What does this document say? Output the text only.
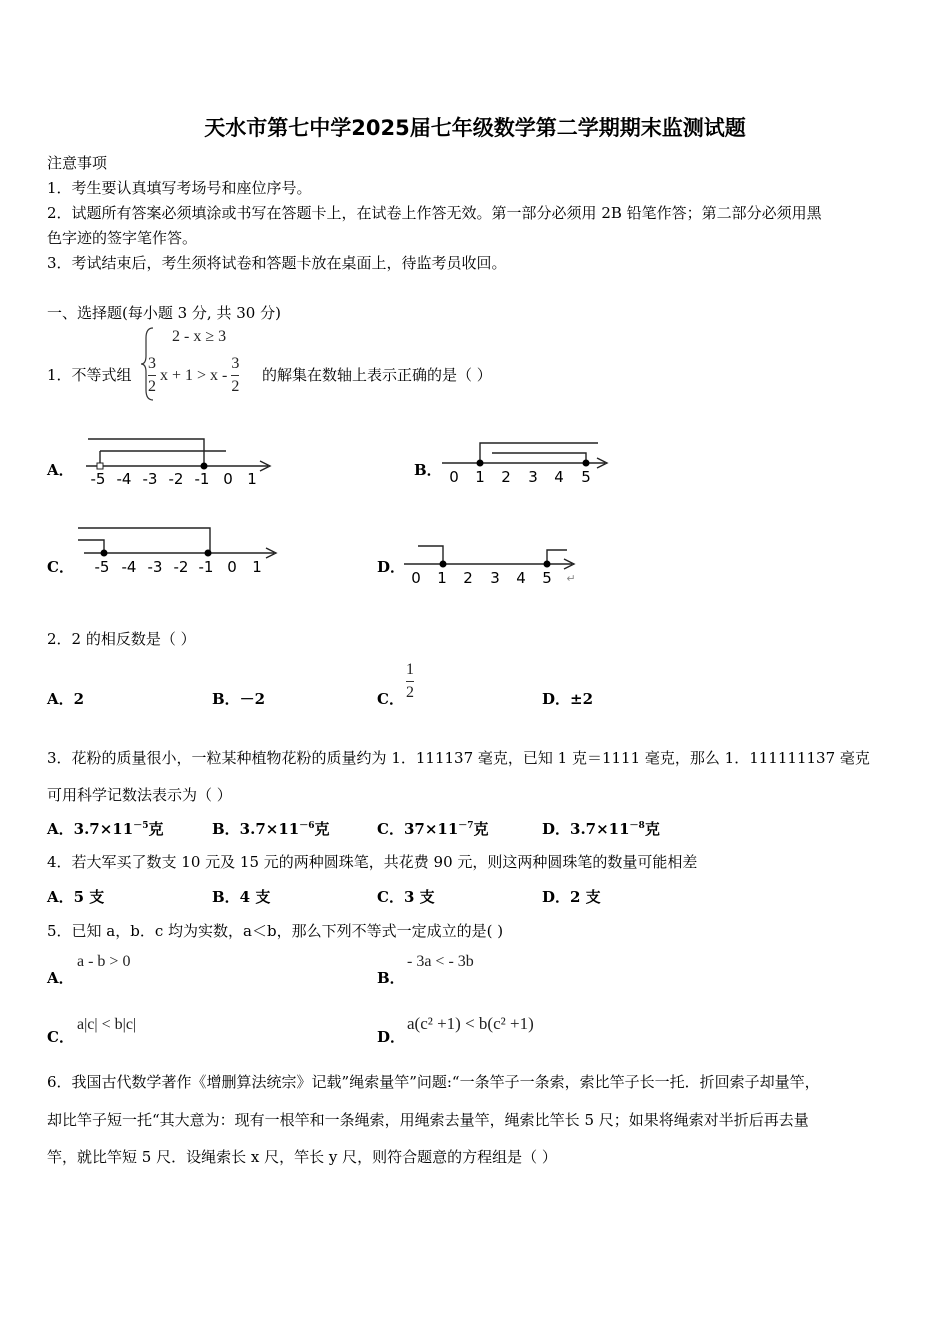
天水市第七中学2025届七年级数学第二学期期末监测试题
注意事项
1．考生要认真填写考场号和座位序号。
2．试题所有答案必须填涂或书写在答题卡上，在试卷上作答无效。第一部分必须用 2B 铅笔作答；第二部分必须用黑
色字迹的签字笔作答。
3．考试结束后，考生须将试卷和答题卡放在桌面上，待监考员收回。
一、选择题(每小题 3 分, 共 30 分)
1．不等式组
2 - x ≥ 3
$\frac{3}{2}$ $x + 1 > x - \frac{3}{2}$ 的解集在数轴上表示正确的是（ ）
A． -5 -4 -3 -2 -1 0 1	B． 0 1 2 3 4 5
C． -5 -4 -3 -2 -1 0 1	D．
0 1 2 3 4 5 ↵
2．2 的相反数是（ ）
A．2	B．－2	C． $\frac{1}{2}$	D．±2
3．花粉的质量很小，一粒某种植物花粉的质量约为 1．111137 毫克，已知 1 克＝1111 毫克，那么 1．111111137 毫克
可用科学记数法表示为（ ）
A．$3.7\times 11^{-5}$克	B．$3.7\times 11^{-6}$克	C．$37\times 11^{-7}$克	D．$3.7\times 11^{-8}$克
4．若大军买了数支 10 元及 15 元的两种圆珠笔，共花费 90 元，则这两种圆珠笔的数量可能相差
A．5 支	B．4 支	C．3 支	D．2 支
5．已知 a，b．c 均为实数，a＜b，那么下列不等式一定成立的是( )
A．
a - b > 0
B．
- 3a < - 3b
C．
a|c| < b|c|
D．
a(c² +1) < b(c² +1)
6．我国古代数学著作《增删算法统宗》记载”绳索量竿”问题:“一条竿子一条索，索比竿子长一托．折回索子却量竿，
却比竿子短一托“其大意为：现有一根竿和一条绳索，用绳索去量竿，绳索比竿长 5 尺；如果将绳索对半折后再去量
竿，就比竿短 5 尺．设绳索长 x 尺，竿长 y 尺，则符合题意的方程组是（ ）
